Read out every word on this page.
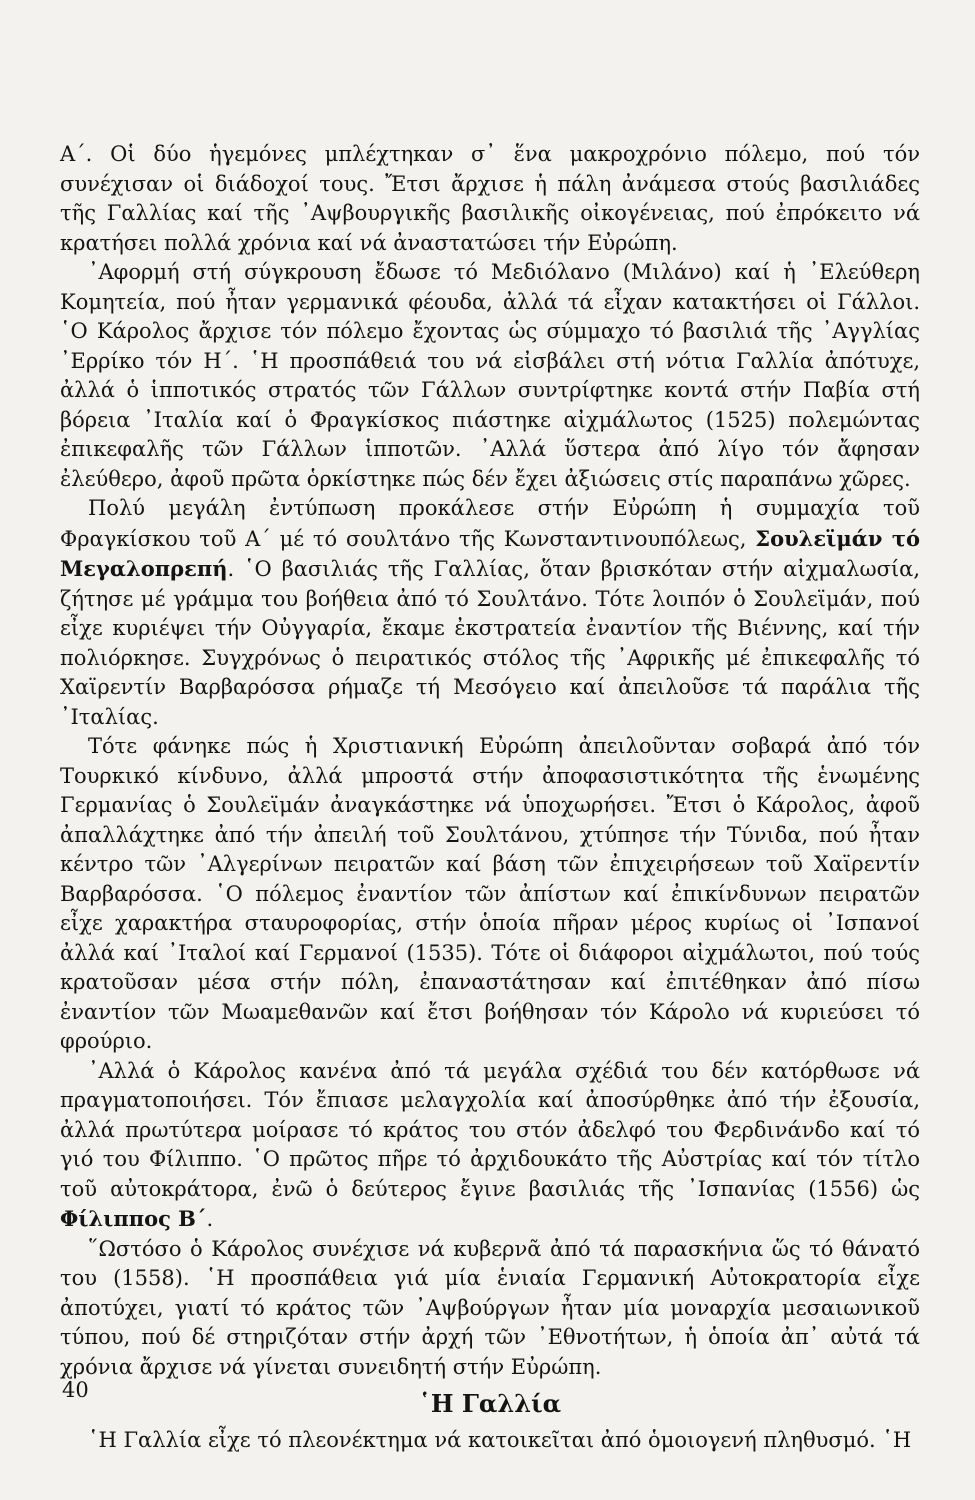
Α΄. Οἱ δύο ἡγεμόνες μπλέχτηκαν σ᾽ ἕνα μακροχρόνιο πόλεμο, πού τόν συνέχισαν οἱ διάδοχοί τους. Ἔτσι ἄρχισε ἡ πάλη ἀνάμεσα στούς βασιλιάδες τῆς Γαλλίας καί τῆς ᾽Αψβουργικῆς βασιλικῆς οἰκογένειας, πού ἐπρόκειτο νά κρατήσει πολλά χρόνια καί νά ἀναστατώσει τήν Εὐρώπη.

᾽Αφορμή στή σύγκρουση ἔδωσε τό Μεδιόλανο (Μιλάνο) καί ἡ ᾽Ελεύθερη Κομητεία, πού ἦταν γερμανικά φέουδα, ἀλλά τά εἶχαν κατακτήσει οἱ Γάλλοι. ῾Ο Κάρολος ἄρχισε τόν πόλεμο ἔχοντας ὡς σύμμαχο τό βασιλιά τῆς ᾽Αγγλίας ᾽Ερρίκο τόν Η΄. ῾Η προσπάθειά του νά εἰσβάλει στή νότια Γαλλία ἀπότυχε, ἀλλά ὁ ἱπποτικός στρατός τῶν Γάλλων συντρίφτηκε κοντά στήν Παβία στή βόρεια ᾽Ιταλία καί ὁ Φραγκίσκος πιάστηκε αἰχμάλωτος (1525) πολεμώντας ἐπικεφαλῆς τῶν Γάλλων ἱπποτῶν. ᾽Αλλά ὕστερα ἀπό λίγο τόν ἄφησαν ἐλεύθερο, ἀφοῦ πρῶτα ὁρκίστηκε πώς δέν ἔχει ἀξιώσεις στίς παραπάνω χῶρες.

Πολύ μεγάλη ἐντύπωση προκάλεσε στήν Εὐρώπη ἡ συμμαχία τοῦ Φραγκίσκου τοῦ Α΄ μέ τό σουλτάνο τῆς Κωνσταντινουπόλεως, Σουλεϊμάν τό Μεγαλοπρεπή. ῾Ο βασιλιάς τῆς Γαλλίας, ὅταν βρισκόταν στήν αἰχμαλωσία, ζήτησε μέ γράμμα του βοήθεια ἀπό τό Σουλτάνο. Τότε λοιπόν ὁ Σουλεϊμάν, πού εἶχε κυριέψει τήν Οὐγγαρία, ἔκαμε ἐκστρατεία ἐναντίον τῆς Βιέννης, καί τήν πολιόρκησε. Συγχρόνως ὁ πειρατικός στόλος τῆς ᾽Αφρικῆς μέ ἐπικεφαλῆς τό Χαϊρεντίν Βαρβαρόσσα ρήμαζε τή Μεσόγειο καί ἀπειλοῦσε τά παράλια τῆς ᾽Ιταλίας.

Τότε φάνηκε πώς ἡ Χριστιανική Εὐρώπη ἀπειλοῦνταν σοβαρά ἀπό τόν Τουρκικό κίνδυνο, ἀλλά μπροστά στήν ἀποφασιστικότητα τῆς ἑνωμένης Γερμανίας ὁ Σουλεϊμάν ἀναγκάστηκε νά ὑποχωρήσει. Ἔτσι ὁ Κάρολος, ἀφοῦ ἀπαλλάχτηκε ἀπό τήν ἀπειλή τοῦ Σουλτάνου, χτύπησε τήν Τύνιδα, πού ἦταν κέντρο τῶν ᾽Αλγερίνων πειρατῶν καί βάση τῶν ἐπιχειρήσεων τοῦ Χαϊρεντίν Βαρβαρόσσα. ῾Ο πόλεμος ἐναντίον τῶν ἀπίστων καί ἐπικίνδυνων πειρατῶν εἶχε χαρακτήρα σταυροφορίας, στήν ὁποία πῆραν μέρος κυρίως οἱ ᾽Ισπανοί ἀλλά καί ᾽Ιταλοί καί Γερμανοί (1535). Τότε οἱ διάφοροι αἰχμάλωτοι, πού τούς κρατοῦσαν μέσα στήν πόλη, ἐπαναστάτησαν καί ἐπιτέθηκαν ἀπό πίσω ἐναντίον τῶν Μωαμεθανῶν καί ἔτσι βοήθησαν τόν Κάρολο νά κυριεύσει τό φρούριο.

᾽Αλλά ὁ Κάρολος κανένα ἀπό τά μεγάλα σχέδιά του δέν κατόρθωσε νά πραγματοποιήσει. Τόν ἔπιασε μελαγχολία καί ἀποσύρθηκε ἀπό τήν ἐξουσία, ἀλλά πρωτύτερα μοίρασε τό κράτος του στόν ἀδελφό του Φερδινάνδο καί τό γιό του Φίλιππο. ῾Ο πρῶτος πῆρε τό ἀρχιδουκάτο τῆς Αὐστρίας καί τόν τίτλο τοῦ αὐτοκράτορα, ἐνῶ ὁ δεύτερος ἔγινε βασιλιάς τῆς ᾽Ισπανίας (1556) ὡς Φίλιππος Β΄.

῞Ωστόσο ὁ Κάρολος συνέχισε νά κυβερνᾶ ἀπό τά παρασκήνια ὥς τό θάνατό του (1558). ῾Η προσπάθεια γιά μία ἑνιαία Γερμανική Αὐτοκρατορία εἶχε ἀποτύχει, γιατί τό κράτος τῶν ᾽Αψβούργων ἦταν μία μοναρχία μεσαιωνικοῦ τύπου, πού δέ στηριζόταν στήν ἀρχή τῶν ᾽Εθνοτήτων, ἡ ὁποία ἀπ᾽ αὐτά τά χρόνια ἄρχισε νά γίνεται συνειδητή στήν Εὐρώπη.

῾Η Γαλλία

῾Η Γαλλία εἶχε τό πλεονέκτημα νά κατοικεῖται ἀπό ὁμοιογενή πληθυσμό. ῾Η

40
